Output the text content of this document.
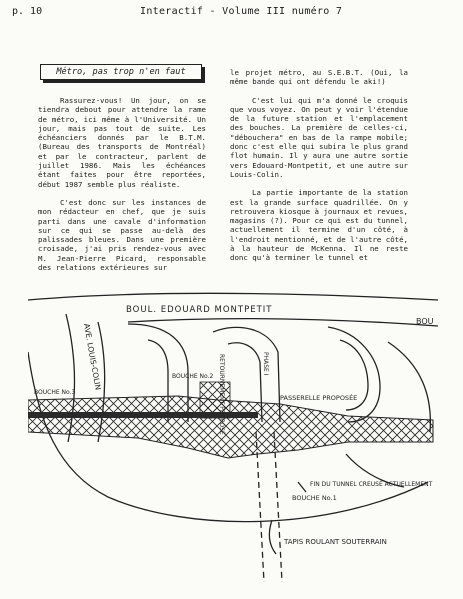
p. 10	Interactif - Volume III numéro 7
Métro, pas trop n'en faut

Rassurez-vous! Un jour, on se tiendra debout pour attendre la rame de métro, ici même à l'Université. Un jour, mais pas tout de suite. Les échéanciers donnés par le B.T.M. (Bureau des transports de Montréal) et par le contracteur, parlent de juillet 1986. Mais les échéances étant faites pour être reportées, début 1987 semble plus réaliste.

C'est donc sur les instances de mon rédacteur en chef, que je suis parti dans une cavale d'information sur ce qui se passe au-delà des palissades bleues. Dans une première croisade, j'ai pris rendez-vous avec M. Jean-Pierre Picard, responsable des relations extérieures sur

le projet métro, au S.E.B.T. (Oui, la même bande qui ont défendu le aki!)

C'est lui qui m'a donné le croquis que vous voyez. On peut y voir l'étendue de la future station et l'emplacement des bouches. La première de celles-ci, "débouchera" en bas de la rampe mobile; donc c'est elle qui subira le plus grand flot humain. Il y aura une autre sortie vers Edouard-Montpetit, et une autre sur Louis-Colin.

La partie importante de la station est la grande surface quadrillée. On y retrouvera kiosque à journaux et revues, magasins (?). Pour ce qui est du tunnel, actuellement il termine d'un côté, à l'endroit mentionné, et de l'autre côté, à la hauteur de McKenna. Il ne reste donc qu'à terminer le tunnel et

BOUL. EDOUARD MONTPETIT
BOU
AVE. LOUIS-COLIN
BOUCHE No.3
BOUCHE No.2 RETOURNEMENT PROPOSÉ	PHASE I
PASSERELLE PROPOSÉE
BOUCHE No.1
FIN DU TUNNEL CREUSÉ ACTUELLEMENT
TAPIS ROULANT SOUTERRAIN
